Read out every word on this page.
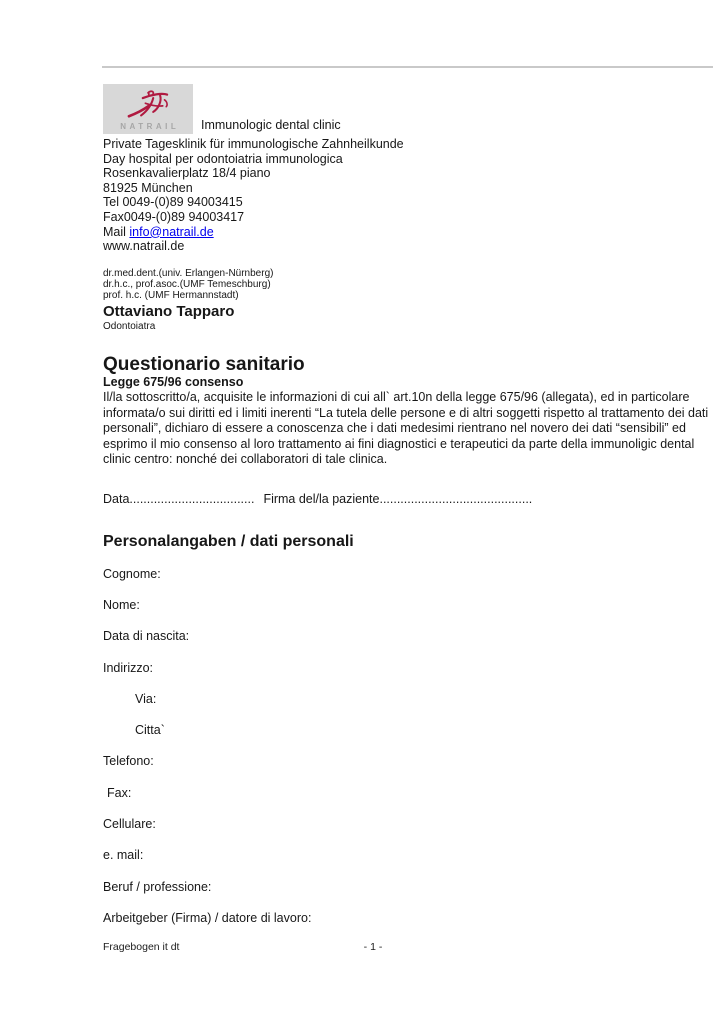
NATRAIL Immunologic dental clinic
Private Tagesklinik für immunologische Zahnheilkunde
Day hospital per odontoiatria immunologica
Rosenkavalierplatz 18/4 piano
81925 München
Tel 0049-(0)89 94003415
Fax0049-(0)89 94003417
Mail info@natrail.de
www.natrail.de
dr.med.dent.(univ. Erlangen-Nürnberg)
dr.h.c., prof.asoc.(UMF Temeschburg)
prof. h.c. (UMF Hermannstadt)
Ottaviano Tapparo
Odontoiatra
Questionario sanitario
Legge 675/96 consenso
Il/la sottoscritto/a, acquisite le informazioni di cui all` art.10n della legge 675/96 (allegata), ed in particolare informata/o sui diritti ed i limiti inerenti “La tutela delle persone e di altri soggetti rispetto al trattamento dei dati personali”, dichiaro di essere a conoscenza che i dati medesimi rientrano nel novero dei dati “sensibili” ed esprimo il mio consenso al loro trattamento ai fini diagnostici e terapeutici da parte della immunoligic dental clinic centro: nonché dei collaboratori di tale clinica.
Data.................................... Firma del/la paziente............................................
Personalangaben / dati personali
Cognome:
Nome:
Data di nascita:
Indirizzo:
Via:
Citta`
Telefono:
Fax:
Cellulare:
e. mail:
Beruf / professione:
Arbeitgeber (Firma) / datore di lavoro:
Fragebogen it dt	- 1 -
